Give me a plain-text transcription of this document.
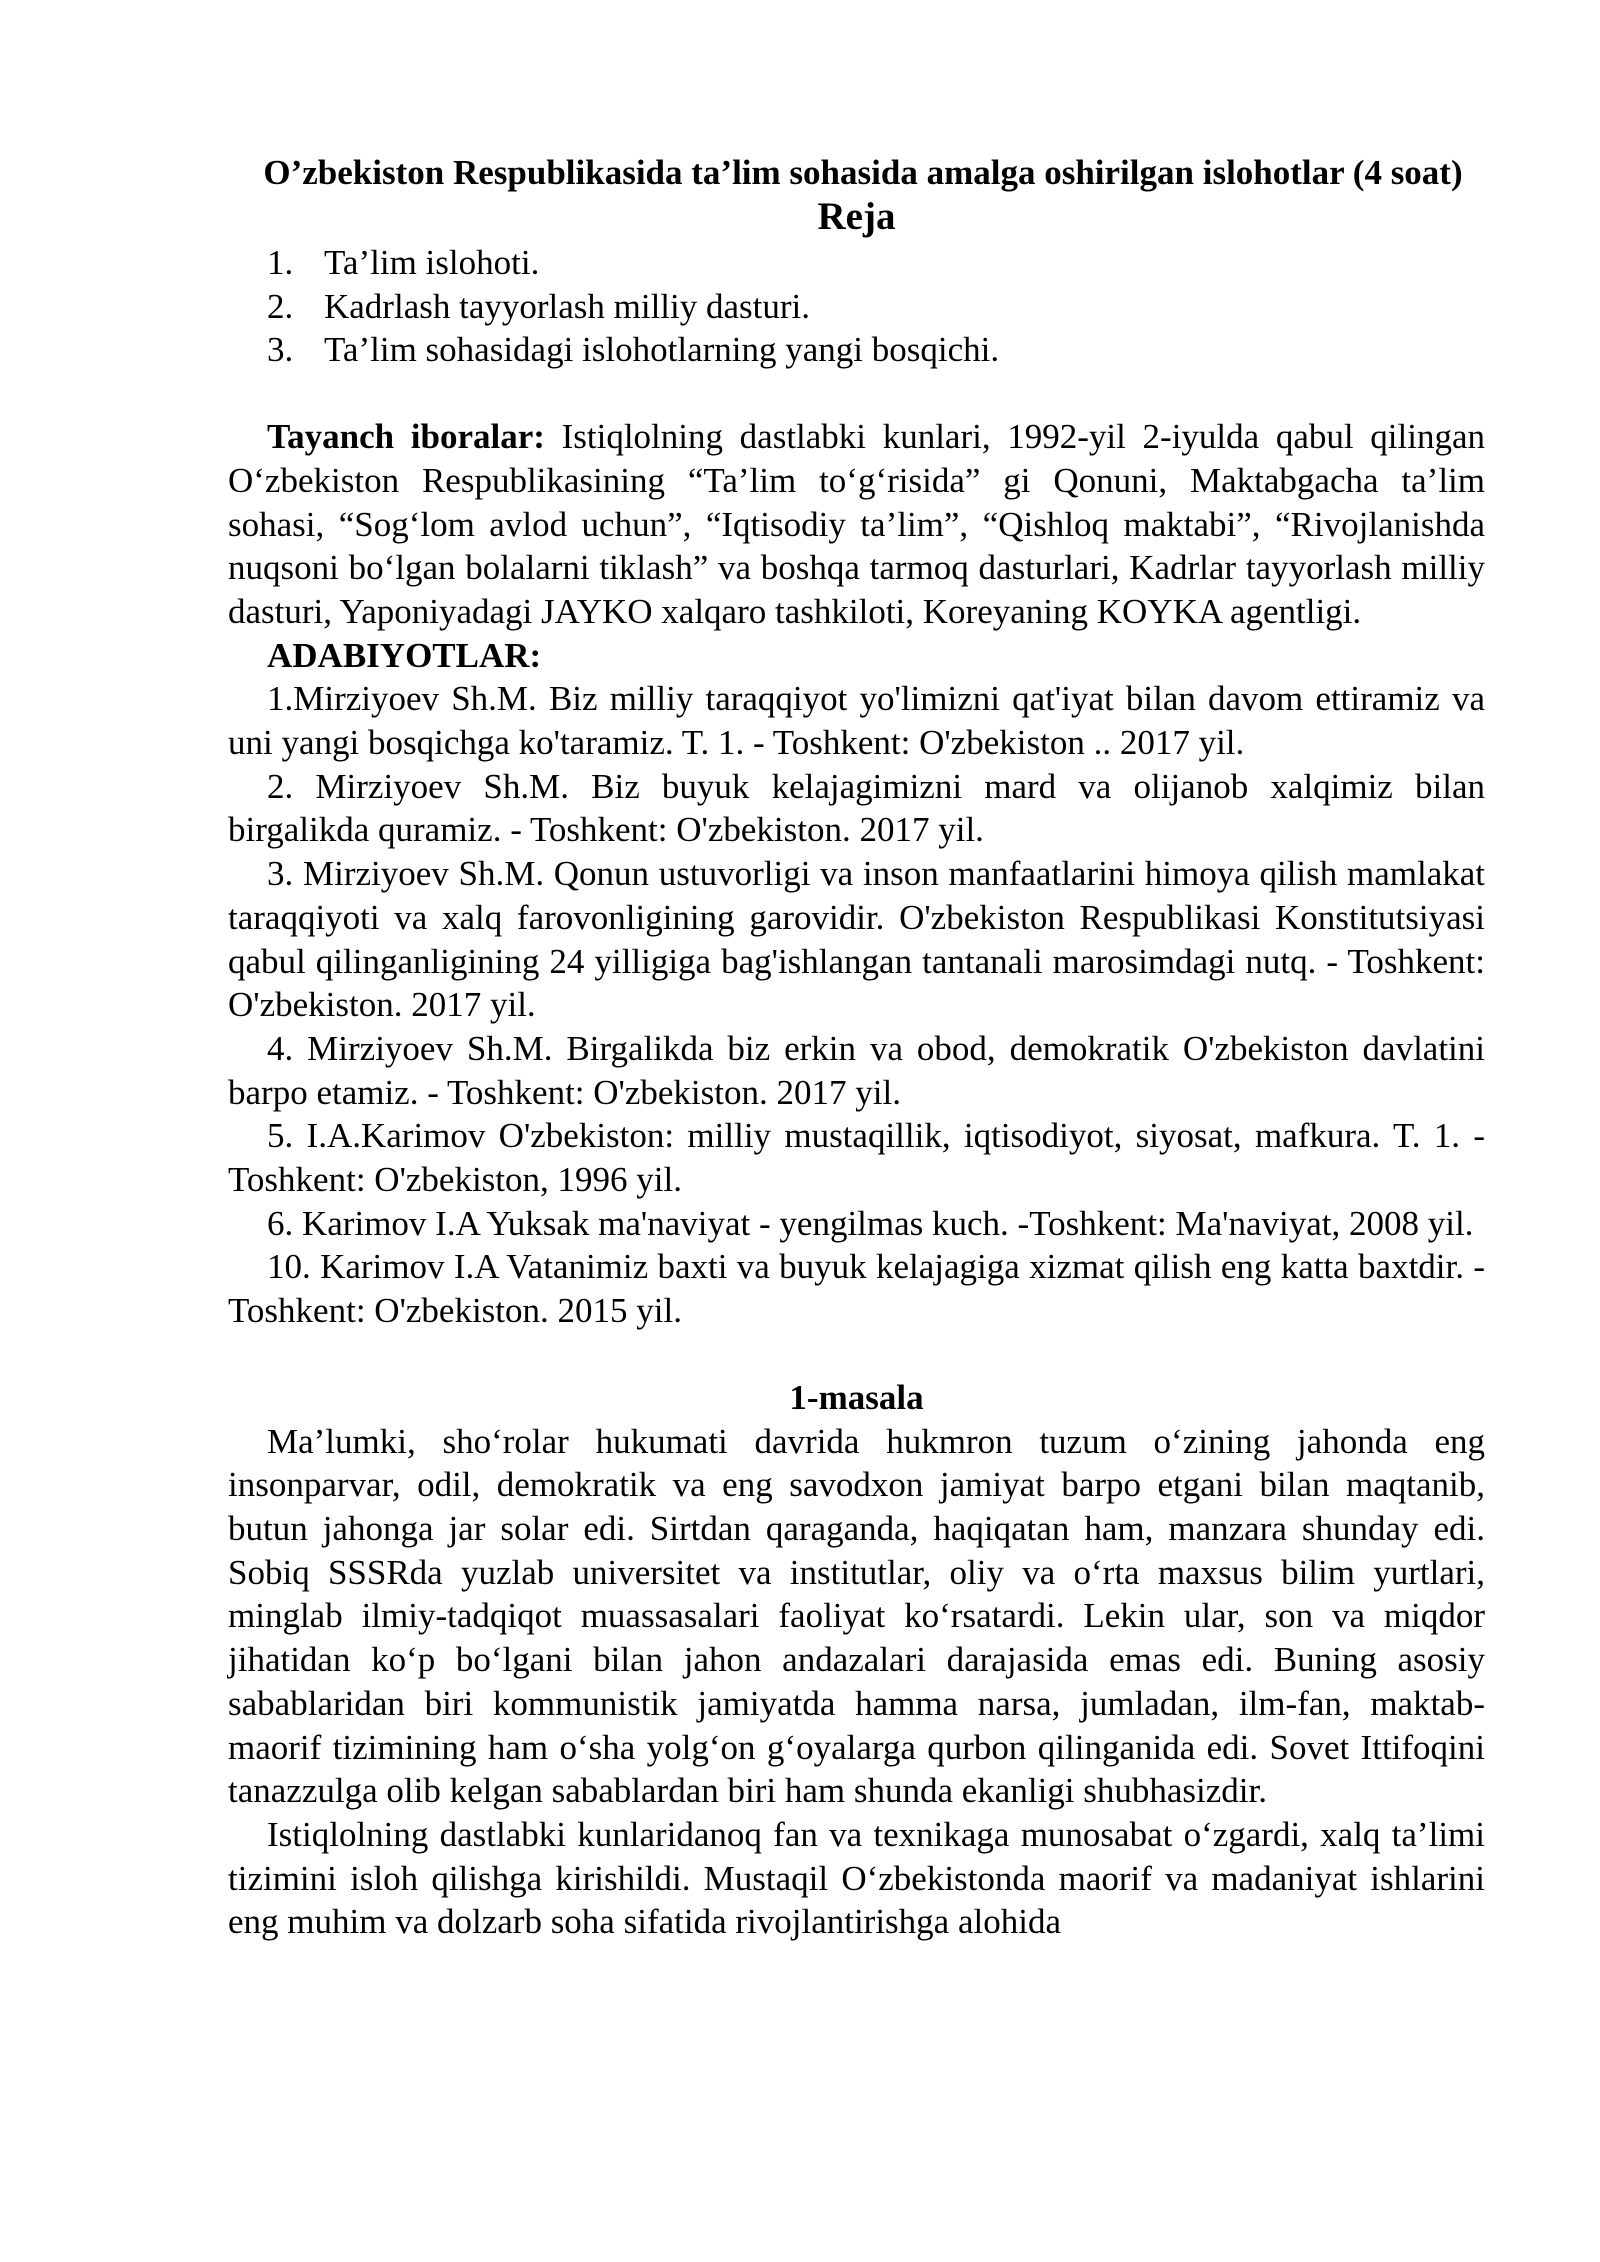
O’zbekiston Respublikasida ta’lim sohasida amalga oshirilgan islohotlar (4 soat)
Reja
1. Ta’lim islohoti.
2. Kadrlash tayyorlash milliy dasturi.
3. Ta’lim sohasidagi islohotlarning yangi bosqichi.

Tayanch iboralar: Istiqlolning dastlabki kunlari, 1992-yil 2-iyulda qabul qilingan O‘zbekiston Respublikasining “Ta’lim to‘g‘risida” gi Qonuni, Maktabgacha ta’lim sohasi, “Sog‘lom avlod uchun”, “Iqtisodiy ta’lim”, “Qishloq maktabi”, “Rivojlanishda nuqsoni bo‘lgan bolalarni tiklash” va boshqa tarmoq dasturlari, Kadrlar tayyorlash milliy dasturi, Yaponiyadagi JAYKO xalqaro tashkiloti, Koreyaning KOYKA agentligi.

ADABIYOTLAR:

1.Mirziyoev Sh.M. Biz milliy taraqqiyot yo'limizni qat'iyat bilan davom ettiramiz va uni yangi bosqichga ko'taramiz. T. 1. - Toshkent: O'zbekiston .. 2017 yil.

2. Mirziyoev Sh.M. Biz buyuk kelajagimizni mard va olijanob xalqimiz bilan birgalikda quramiz. - Toshkent: O'zbekiston. 2017 yil.

3. Mirziyoev Sh.M. Qonun ustuvorligi va inson manfaatlarini himoya qilish mamlakat taraqqiyoti va xalq farovonligining garovidir. O'zbekiston Respublikasi Konstitutsiyasi qabul qilinganligining 24 yilligiga bag'ishlangan tantanali marosimdagi nutq. - Toshkent: O'zbekiston. 2017 yil.

4. Mirziyoev Sh.M. Birgalikda biz erkin va obod, demokratik O'zbekiston davlatini barpo etamiz. - Toshkent: O'zbekiston. 2017 yil.

5. I.A.Karimov O'zbekiston: milliy mustaqillik, iqtisodiyot, siyosat, mafkura. T. 1. - Toshkent: O'zbekiston, 1996 yil.

6. Karimov I.A Yuksak ma'naviyat - yengilmas kuch. -Toshkent: Ma'naviyat, 2008 yil.

10. Karimov I.A Vatanimiz baxti va buyuk kelajagiga xizmat qilish eng katta baxtdir. - Toshkent: O'zbekiston. 2015 yil.

1-masala

Ma’lumki, sho‘rolar hukumati davrida hukmron tuzum o‘zining jahonda eng insonparvar, odil, demokratik va eng savodxon jamiyat barpo etgani bilan maqtanib, butun jahonga jar solar edi. Sirtdan qaraganda, haqiqatan ham, manzara shunday edi. Sobiq SSSRda yuzlab universitet va institutlar, oliy va o‘rta maxsus bilim yurtlari, minglab ilmiy-tadqiqot muassasalari faoliyat ko‘rsatardi. Lekin ular, son va miqdor jihatidan ko‘p bo‘lgani bilan jahon andazalari darajasida emas edi. Buning asosiy sabablaridan biri kommunistik jamiyatda hamma narsa, jumladan, ilm-fan, maktab-maorif tizimining ham o‘sha yolg‘on g‘oyalarga qurbon qilinganida edi. Sovet Ittifoqini tanazzulga olib kelgan sabablardan biri ham shunda ekanligi shubhasizdir.

Istiqlolning dastlabki kunlaridanoq fan va texnikaga munosabat o‘zgardi, xalq ta’limi tizimini isloh qilishga kirishildi. Mustaqil O‘zbekistonda maorif va madaniyat ishlarini eng muhim va dolzarb soha sifatida rivojlantirishga alohida
